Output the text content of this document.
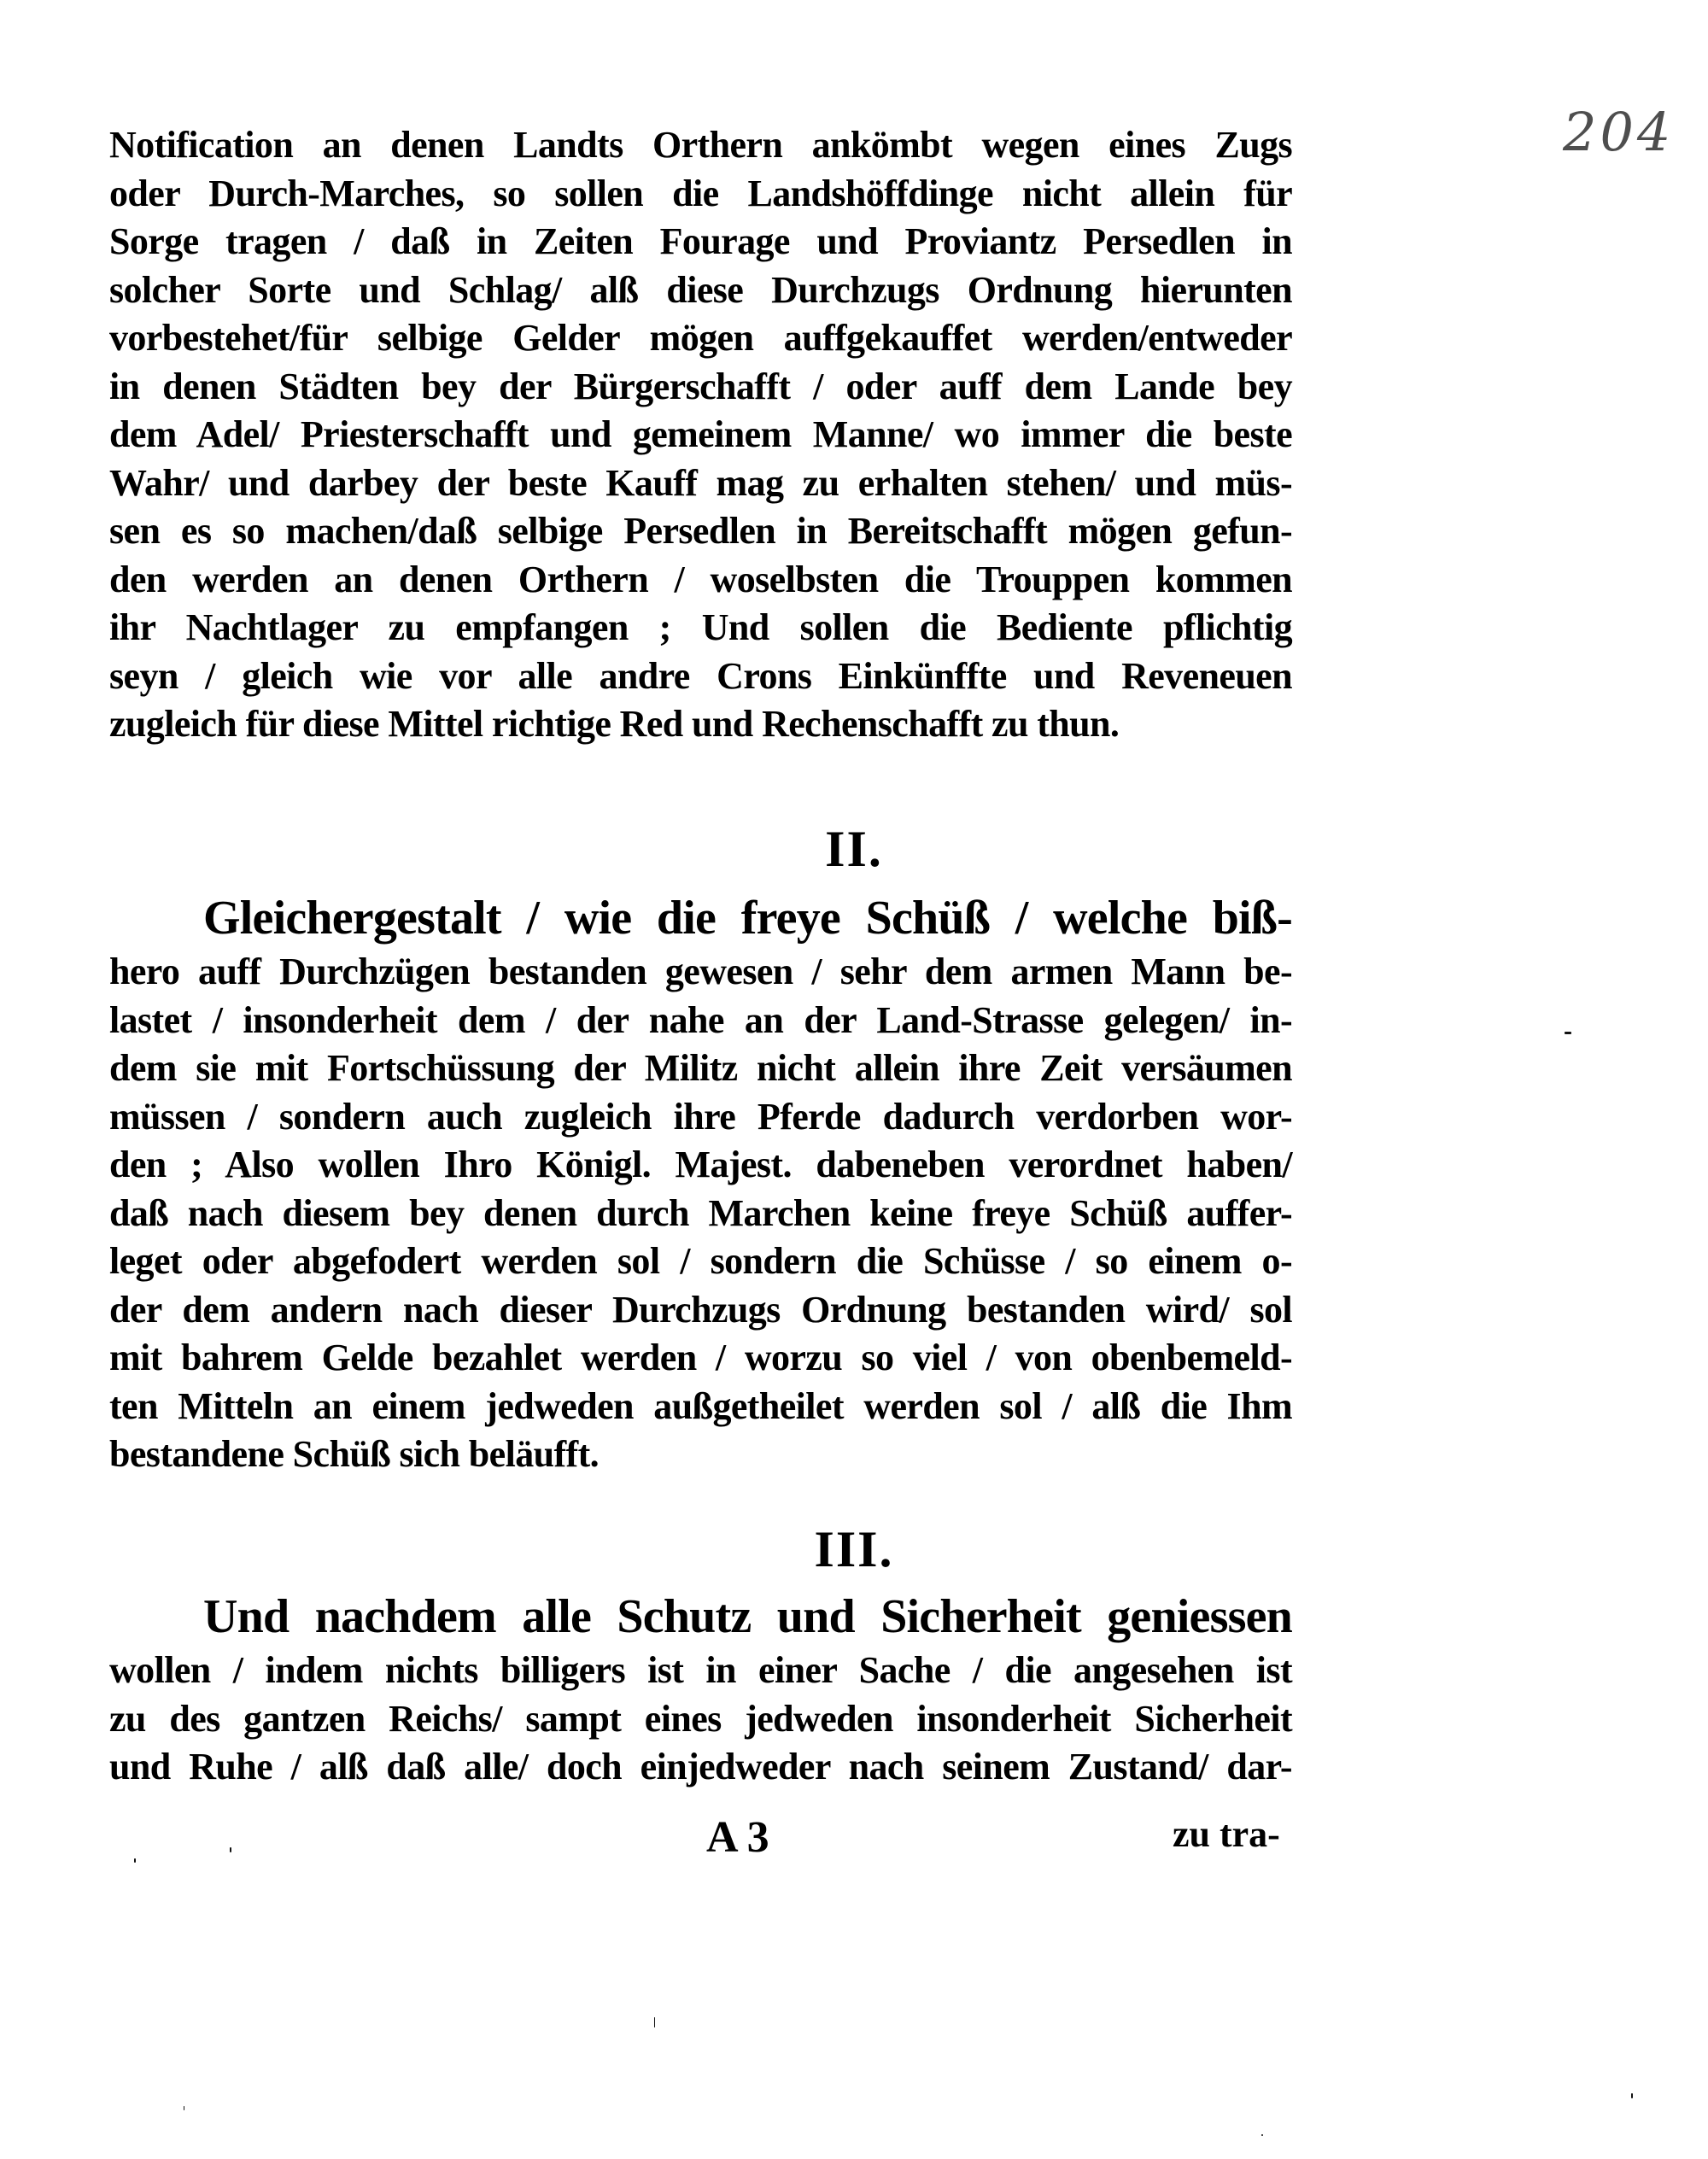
204
Notification an denen Landts Orthern ankömbt wegen eines Zugs
oder Durch-Marches, so sollen die Landshöffdinge nicht allein für
Sorge tragen / daß in Zeiten Fourage und Proviantz Persedlen in
solcher Sorte und Schlag/ alß diese Durchzugs Ordnung hierunten
vorbestehet/für selbige Gelder mögen auffgekauffet werden/entweder
in denen Städten bey der Bürgerschafft / oder auff dem Lande bey
dem Adel/ Priesterschafft und gemeinem Manne/ wo immer die beste
Wahr/ und darbey der beste Kauff mag zu erhalten stehen/ und müs-
sen es so machen/daß selbige Persedlen in Bereitschafft mögen gefun-
den werden an denen Orthern / woselbsten die Trouppen kommen
ihr Nachtlager zu empfangen ; Und sollen die Bediente pflichtig
seyn / gleich wie vor alle andre Crons Einkünffte und Reveneuen
zugleich für diese Mittel richtige Red und Rechenschafft zu thun.
II.
Gleichergestalt / wie die freye Schüß / welche biß-
hero auff Durchzügen bestanden gewesen / sehr dem armen Mann be-
lastet / insonderheit dem / der nahe an der Land-Strasse gelegen/ in-
dem sie mit Fortschüssung der Militz nicht allein ihre Zeit versäumen
müssen / sondern auch zugleich ihre Pferde dadurch verdorben wor-
den ; Also wollen Ihro Königl. Majest. dabeneben verordnet haben/
daß nach diesem bey denen durch Marchen keine freye Schüß auffer-
leget oder abgefodert werden sol / sondern die Schüsse / so einem o-
der dem andern nach dieser Durchzugs Ordnung bestanden wird/ sol
mit bahrem Gelde bezahlet werden / worzu so viel / von obenbemeld-
ten Mitteln an einem jedweden außgetheilet werden sol / alß die Ihm
bestandene Schüß sich beläufft.
III.
Und nachdem alle Schutz und Sicherheit geniessen
wollen / indem nichts billigers ist in einer Sache / die angesehen ist
zu des gantzen Reichs/ sampt eines jedweden insonderheit Sicherheit
und Ruhe / alß daß alle/ doch einjedweder nach seinem Zustand/ dar-
A 3	zu tra-
